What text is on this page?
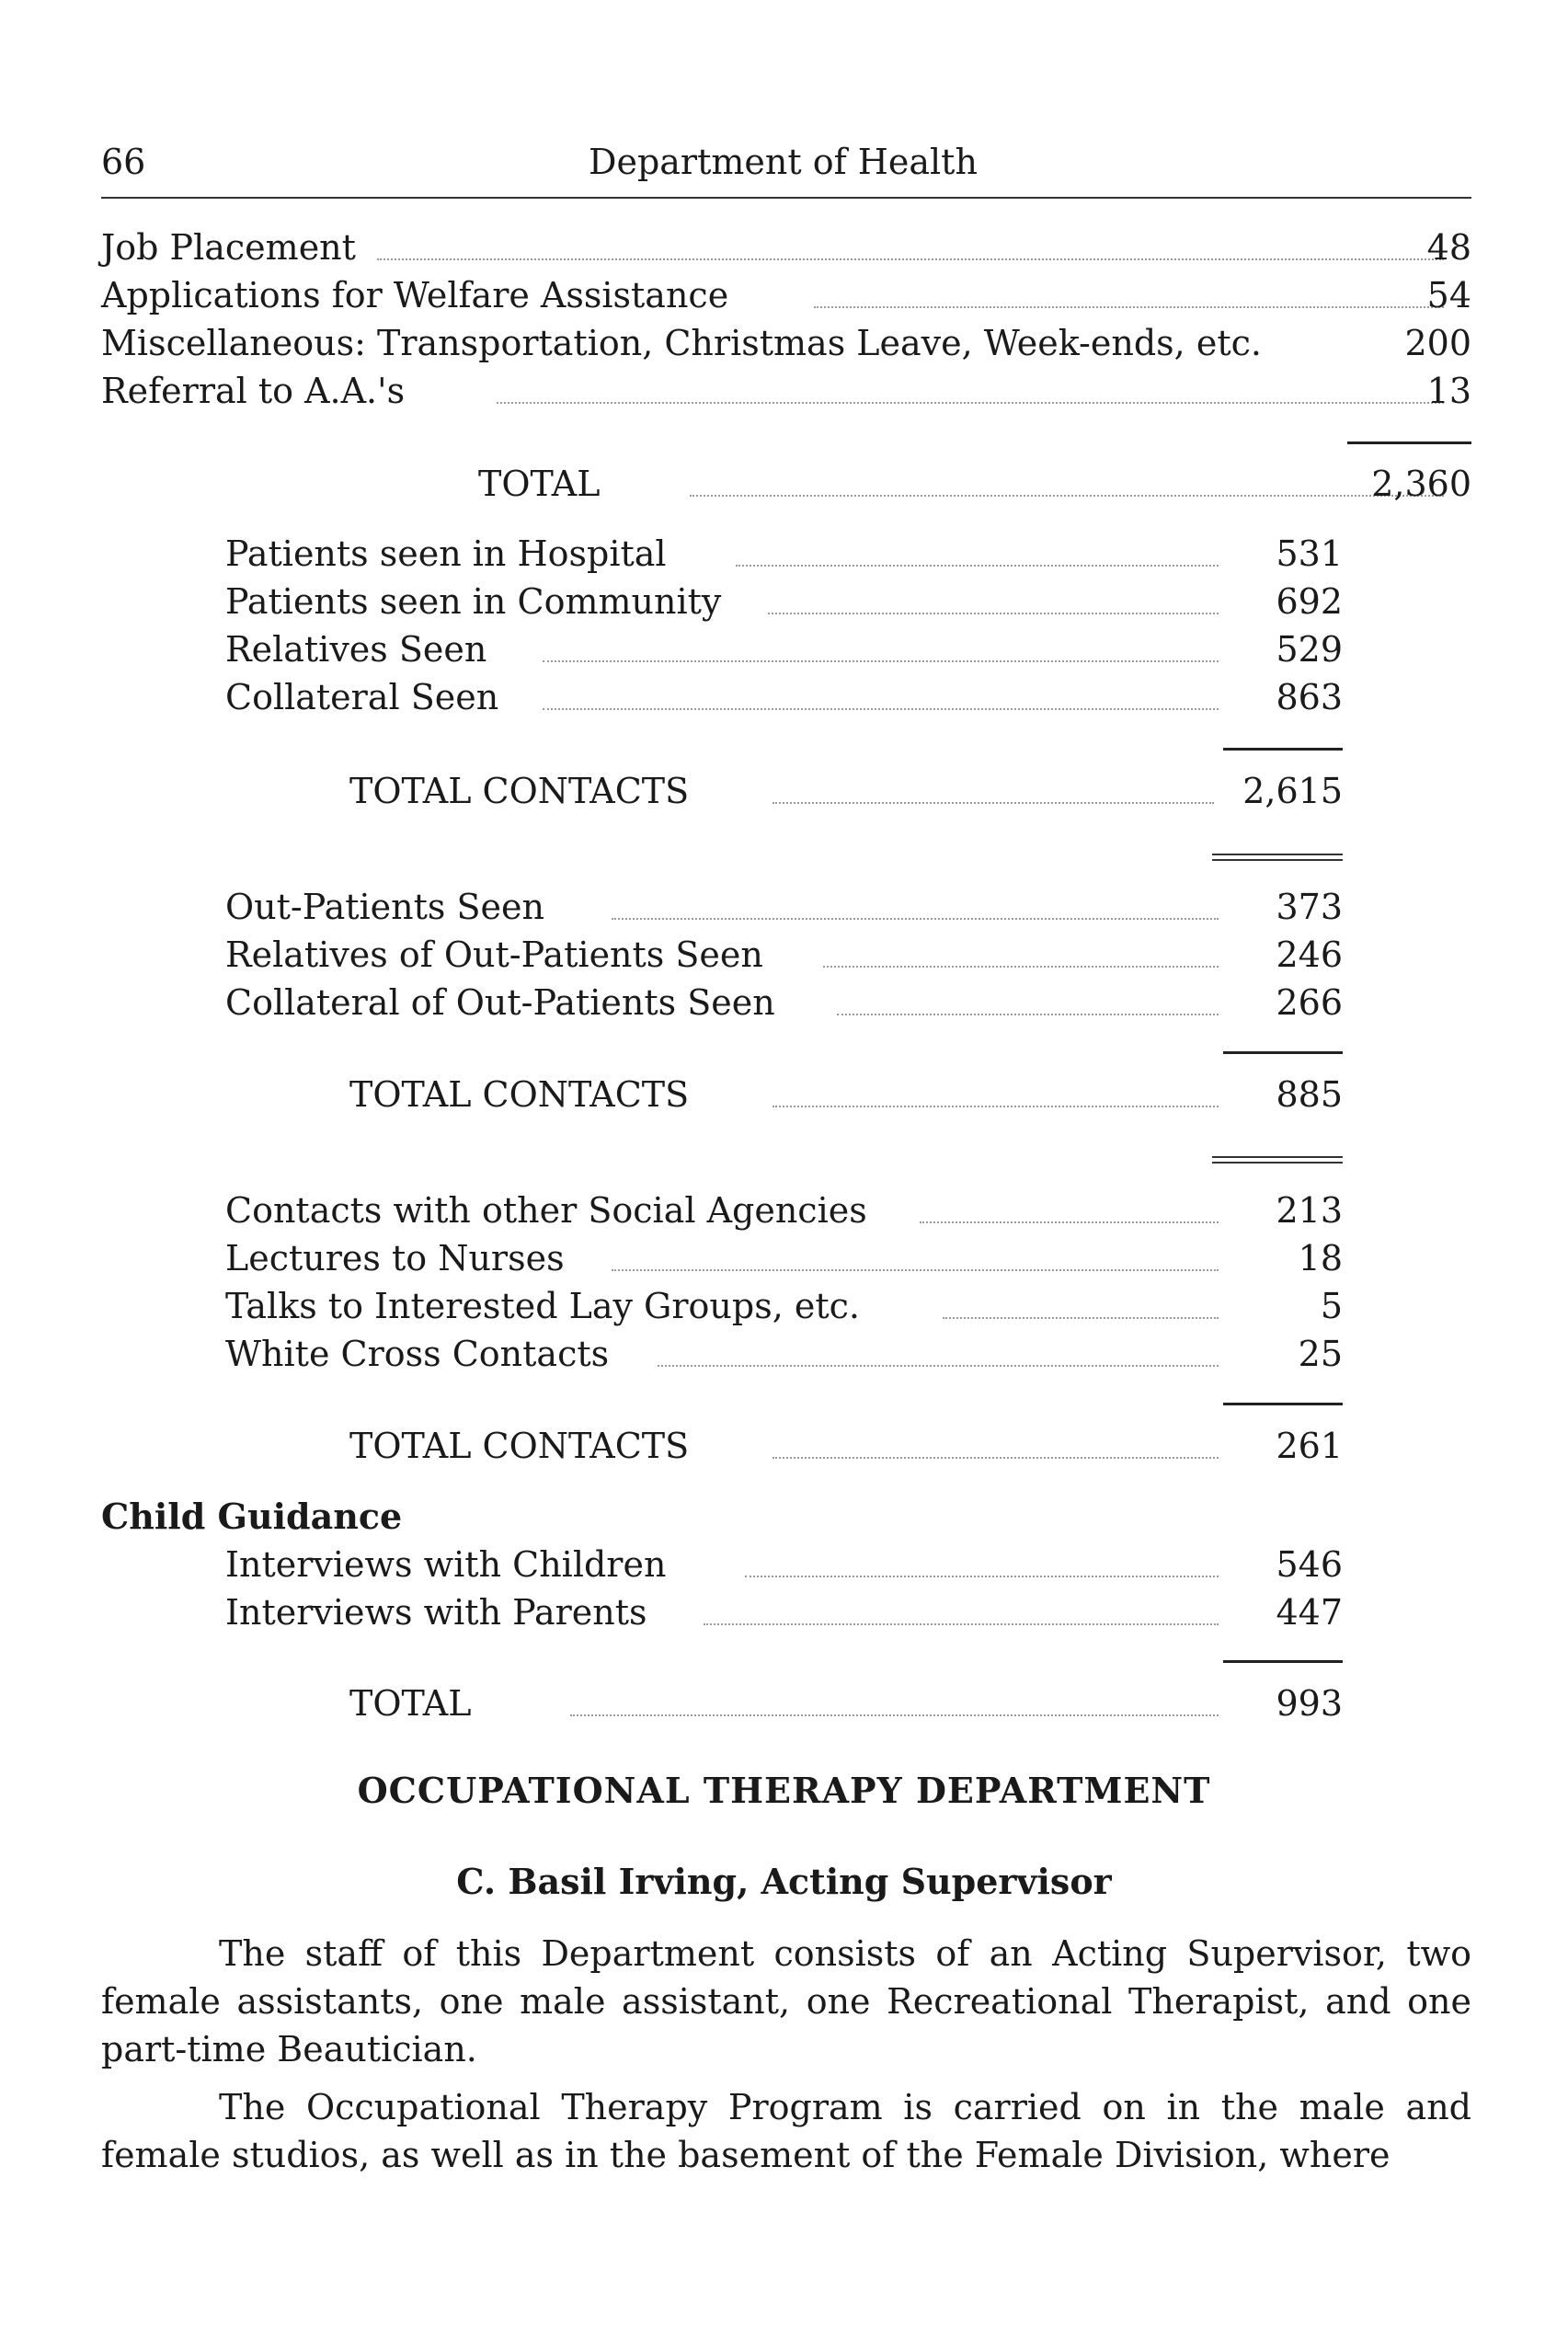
66	Department of Health
Job Placement	48
Applications for Welfare Assistance	54
Miscellaneous: Transportation, Christmas Leave, Week-ends, etc.	200
Referral to A.A.'s	13
TOTAL	2,360
Patients seen in Hospital	531
Patients seen in Community	692
Relatives Seen	529
Collateral Seen	863
TOTAL CONTACTS	2,615
Out-Patients Seen	373
Relatives of Out-Patients Seen	246
Collateral of Out-Patients Seen	266
TOTAL CONTACTS	885
Contacts with other Social Agencies	213
Lectures to Nurses	18
Talks to Interested Lay Groups, etc.	5
White Cross Contacts	25
TOTAL CONTACTS	261
Child Guidance
Interviews with Children	546
Interviews with Parents	447
TOTAL	993
OCCUPATIONAL THERAPY DEPARTMENT
C. Basil Irving, Acting Supervisor
The staff of this Department consists of an Acting Supervisor, two female assistants, one male assistant, one Recreational Therapist, and one part-time Beautician.
The Occupational Therapy Program is carried on in the male and female studios, as well as in the basement of the Female Division, where
